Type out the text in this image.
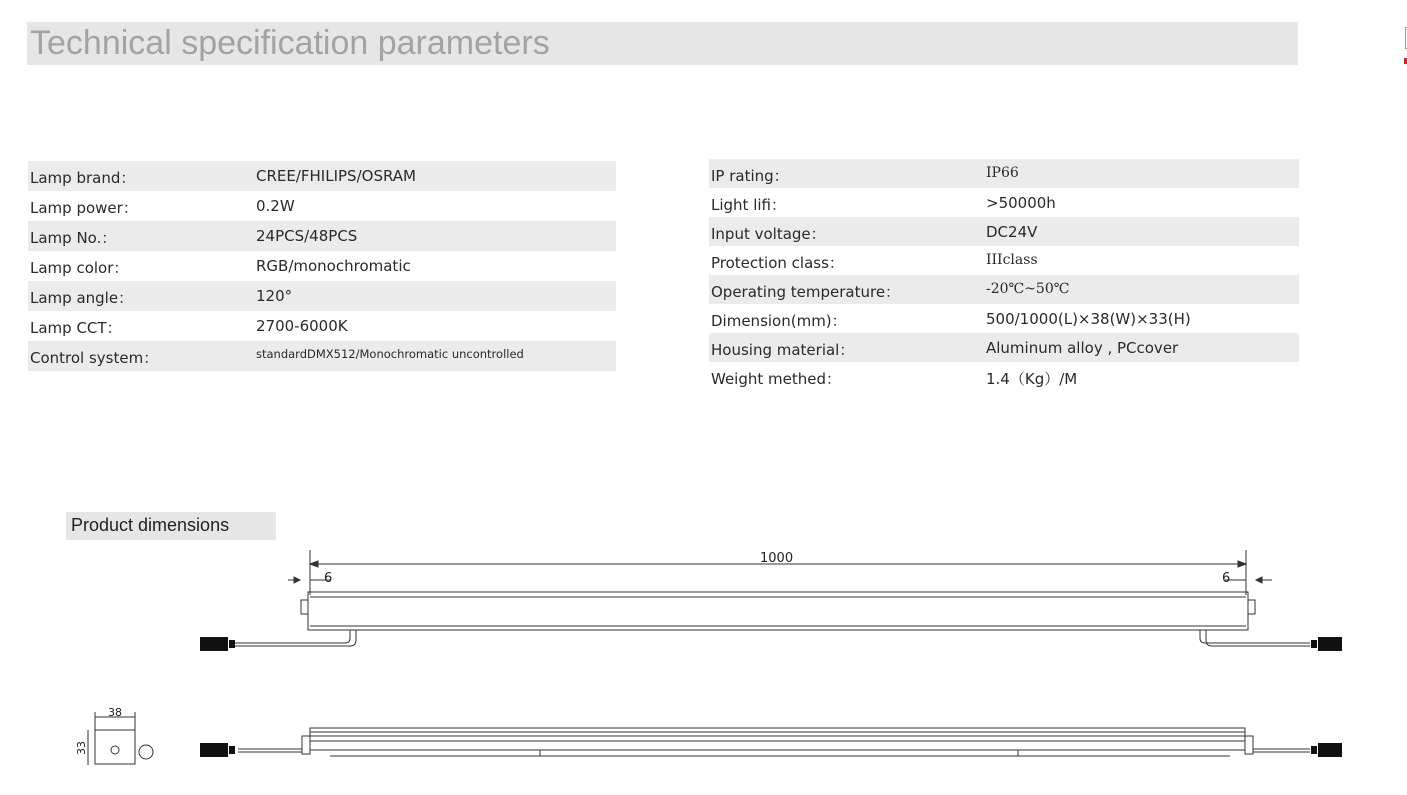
Technical specification parameters
Lamp brand：	CREE/FHILIPS/OSRAM
Lamp power：	0.2W
Lamp No.：	24PCS/48PCS
Lamp color：	RGB/monochromatic
Lamp angle：	120°
Lamp CCT：	2700-6000K
Control system：	standardDMX512/Monochromatic uncontrolled
IP rating：	IP66
Light lifi：	>50000h
Input voltage：	DC24V
Protection class：	IIIclass
Operating temperature：	-20℃~50℃
Dimension(mm)：	500/1000(L)×38(W)×33(H)
Housing material：	Aluminum alloy , PCcover
Weight methed：	1.4（Kg）/M
Product dimensions
1000
6	6
38
33
